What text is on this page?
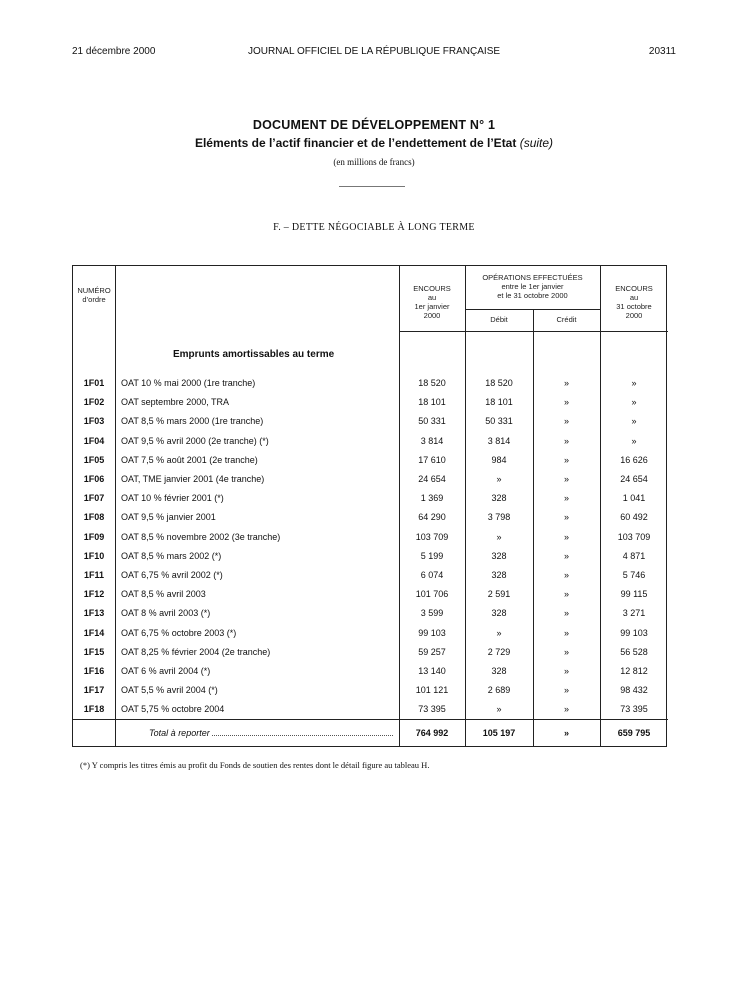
21 décembre 2000	JOURNAL OFFICIEL DE LA RÉPUBLIQUE FRANÇAISE	20311
DOCUMENT DE DÉVELOPPEMENT N° 1
Eléments de l’actif financier et de l’endettement de l’Etat (suite)
(en millions de francs)
F. – DETTE NÉGOCIABLE À LONG TERME
NUMÉRO
d’ordre
ENCOURS
au
1er janvier
2000
OPÉRATIONS EFFECTUÉES
entre le 1er janvier
et le 31 octobre 2000
Débit	Crédit
ENCOURS
au
31 octobre
2000
Emprunts amortissables au terme
1F01	OAT 10 % mai 2000 (1re tranche)	18 520	18 520	»	»
1F02	OAT septembre 2000, TRA	18 101	18 101	»	»
1F03	OAT 8,5 % mars 2000 (1re tranche)	50 331	50 331	»	»
1F04	OAT 9,5 % avril 2000 (2e tranche) (*)	3 814	3 814	»	»
1F05	OAT 7,5 % août 2001 (2e tranche)	17 610	984	»	16 626
1F06	OAT, TME janvier 2001 (4e tranche)	24 654	»	»	24 654
1F07	OAT 10 % février 2001 (*)	1 369	328	»	1 041
1F08	OAT 9,5 % janvier 2001	64 290	3 798	»	60 492
1F09	OAT 8,5 % novembre 2002 (3e tranche)	103 709	»	»	103 709
1F10	OAT 8,5 % mars 2002 (*)	5 199	328	»	4 871
1F11	OAT 6,75 % avril 2002 (*)	6 074	328	»	5 746
1F12	OAT 8,5 % avril 2003	101 706	2 591	»	99 115
1F13	OAT 8 % avril 2003 (*)	3 599	328	»	3 271
1F14	OAT 6,75 % octobre 2003 (*)	99 103	»	»	99 103
1F15	OAT 8,25 % février 2004 (2e tranche)	59 257	2 729	»	56 528
1F16	OAT 6 % avril 2004 (*)	13 140	328	»	12 812
1F17	OAT 5,5 % avril 2004 (*)	101 121	2 689	»	98 432
1F18	OAT 5,75 % octobre 2004	73 395	»	»	73 395
Total à reporter	764 992	105 197	»	659 795
(*) Y compris les titres émis au profit du Fonds de soutien des rentes dont le détail figure au tableau H.
